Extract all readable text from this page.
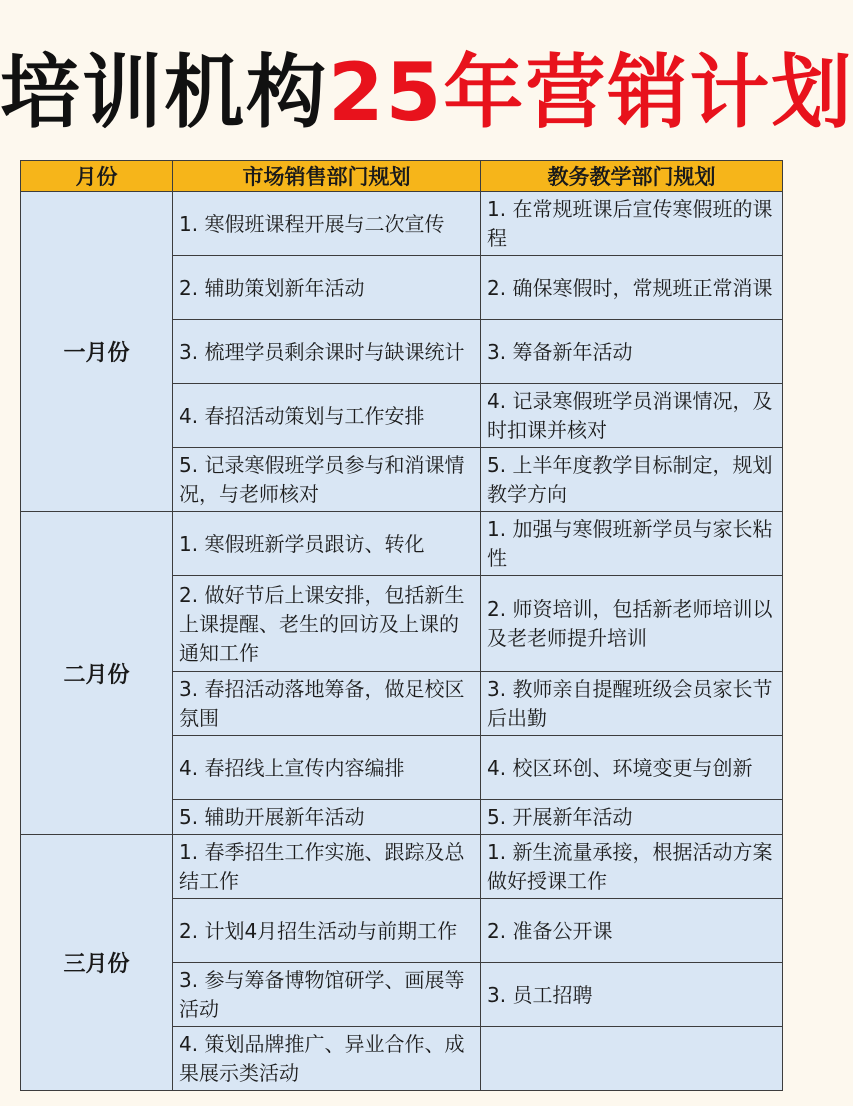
培训机构25年营销计划
月份	市场销售部门规划	教务教学部门规划
一月份	1. 寒假班课程开展与二次宣传	1. 在常规班课后宣传寒假班的课程
	2. 辅助策划新年活动	2. 确保寒假时，常规班正常消课
	3. 梳理学员剩余课时与缺课统计	3. 筹备新年活动
	4. 春招活动策划与工作安排	4. 记录寒假班学员消课情况，及时扣课并核对
	5. 记录寒假班学员参与和消课情况，与老师核对	5. 上半年度教学目标制定，规划教学方向
二月份	1. 寒假班新学员跟访、转化	1. 加强与寒假班新学员与家长粘性
	2. 做好节后上课安排，包括新生上课提醒、老生的回访及上课的通知工作	2. 师资培训，包括新老师培训以及老老师提升培训
	3. 春招活动落地筹备，做足校区氛围	3. 教师亲自提醒班级会员家长节后出勤
	4. 春招线上宣传内容编排	4. 校区环创、环境变更与创新
	5. 辅助开展新年活动	5. 开展新年活动
三月份	1. 春季招生工作实施、跟踪及总结工作	1. 新生流量承接，根据活动方案做好授课工作
	2. 计划4月招生活动与前期工作	2. 准备公开课
	3. 参与筹备博物馆研学、画展等活动	3. 员工招聘
	4. 策划品牌推广、异业合作、成果展示类活动	
